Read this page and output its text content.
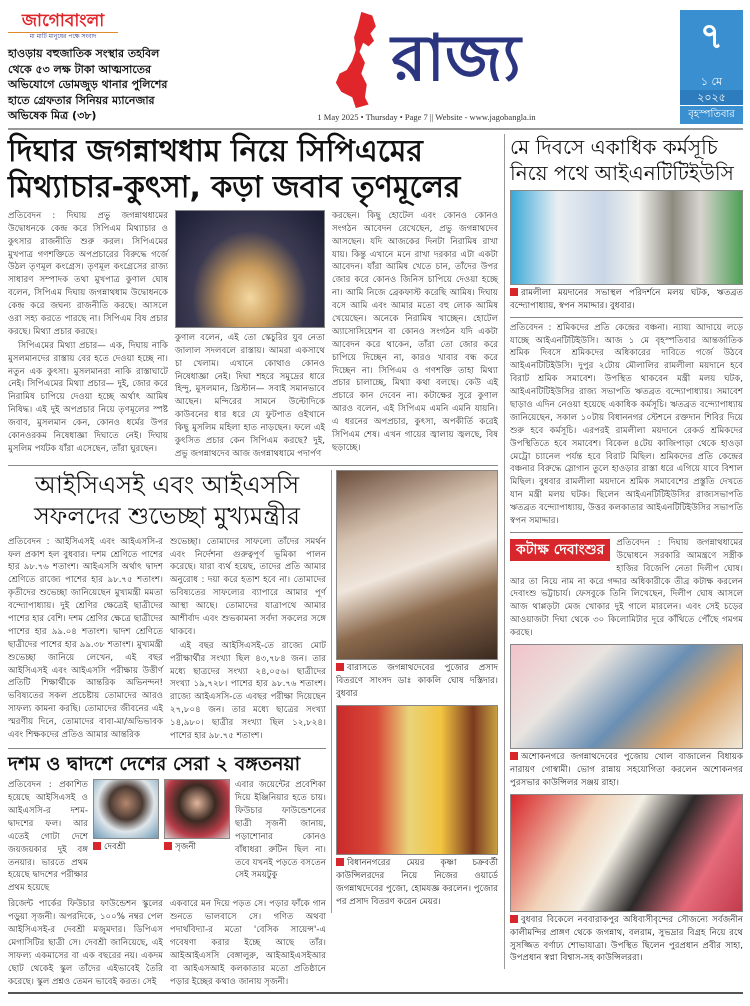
জাগোবাংলা
মা মাটি মানুষের পক্ষে সংবাদ
হাওড়ায় বহুজাতিক সংস্থার তহবিল থেকে ৫৩ লক্ষ টাকা আত্মসাতের অভিযোগে ডোমজুড় থানার পুলিশের হাতে গ্রেফতার সিনিয়র ম্যানেজার অভিষেক মিত্র (৩৮)
রাজ্য
1 May 2025 • Thursday • Page 7 || Website - www.jagobangla.in
৭
১ মে
২০২৫
বৃহস্পতিবার
দিঘার জগন্নাথধাম নিয়ে সিপিএমের মিথ্যাচার-কুৎসা, কড়া জবাব তৃণমূলের

প্রতিবেদন : দিঘায় প্রভু জগন্নাথধামের উদ্বোধনকে কেন্দ্র করে সিপিএম মিথ্যাচার ও কুৎসার রাজনীতি শুরু করল। সিপিএমের মুখপাত্র গণশক্তিতে অপপ্রচারের বিরুদ্ধে গর্জে উঠল তৃণমূল কংগ্রেস। তৃণমূল কংগ্রেসের রাজ্য সাধারণ সম্পাদক তথা মুখপাত্র কুণাল ঘোষ বলেন, সিপিএম দিঘায় জগন্নাথধাম উদ্বোধনকে কেন্দ্র করে জঘন্য রাজনীতি করছে। আসলে ওরা সহ্য করতে পারছে না। সিপিএম বিষ প্রচার করছে। মিথ্যা প্রচার করছে।

সিপিএমের মিথ্যা প্রচার— এক, দিঘায় নাকি মুসলমানদের রাস্তায় বের হতে দেওয়া হচ্ছে না। নতুন এক কুৎসা। মুসলমানরা নাকি রাস্তাঘাটে নেই। সিপিএমের মিথ্যা প্রচার— দুই, জোর করে নিরামিষ চাপিয়ে দেওয়া হচ্ছে অর্থাৎ আমিষ নিষিদ্ধ। এই দুই অপপ্রচার নিয়ে তৃণমূলের স্পষ্ট জবাব, মুসলমান কেন, কোনও ধর্মের উপর কোনওরকম নিষেধাজ্ঞা দিঘাতে নেই। দিঘায় মুসলিম পর্যটক যাঁরা এসেছেন, তাঁরা ঘুরছেন।

কুণাল বলেন, এই তো স্কেচুরির যুব নেতা জালাল সদলবলে রাস্তায়। আমরা একসাথে চা খেলাম। এখানে কোথাও কোনও নিষেধাজ্ঞা নেই। দিঘা শহরে সমুদ্রের ধারে হিন্দু, মুসলমান, খ্রিস্টান— সবাই সমানভাবে আছেন। মন্দিরের সামনে উল্টোদিকে কাউবনের ধার ধরে যে ফুটপাত ওইখানে কিছু মুসলিম মহিলা হাত নাড়ছেন। ফলে এই কুৎসিত প্রচার কেন সিপিএম করছে? দুই, প্রভু জগন্নাথদেব আজ জগন্নাথধামে পদার্পণ
করছেন। কিছু হোটেল এবং কোনও কোনও সংগঠন আবেদন রেখেছেন, প্রভু জগন্নাথদেব আসছেন। যদি আজকের দিনটা নিরামিষ রাখা যায়। কিন্তু এখানে মনে রাখা দরকার এটা একটা আবেদন। যাঁরা আমিষ খেতে চান, তাঁদের উপর জোর করে কোনও জিনিস চাপিয়ে দেওয়া হচ্ছে না। আমি নিজে ব্রেকফাস্ট করেছি আমিষ। দিঘায় বসে আমি এবং আমার মতো বহু লোক আমিষ খেয়েছেন। অনেকে নিরামিষ খাচ্ছেন। হোটেল অ্যাসোসিয়েশন বা কোনও সংগঠন যদি একটা আবেদন করে থাকেন, তাঁরা তো জোর করে চাপিয়ে দিচ্ছেন না, কারও খাবার বন্ধ করে দিচ্ছেন না। সিপিএম ও গণশক্তি তাহা মিথ্যা প্রচার চালাচ্ছে, মিথ্যা কথা বলছে। কেউ এই প্রচারে কান দেবেন না। কটাক্ষের সুরে কুণাল আরও বলেন, এই সিপিএম এমনি এমনি যায়নি। এ ধরনের অপপ্রচার, কুৎসা, অপকীর্তি করেই সিপিএম শেষ। এখন গায়ের জ্বালায় জ্বলছে, বিষ ছড়াচ্ছে।
আইসিএসই এবং আইএসসি সফলদের শুভেচ্ছা মুখ্যমন্ত্রীর
প্রতিবেদন : আইসিএসই এবং আইএসসি-র ফল প্রকাশ হল বুধবার। দশম শ্রেণিতে পাশের হার ৯৮.৭৬ শতাংশ। আইএসসি অর্থাৎ দ্বাদশ শ্রেণিতে রাজ্যে পাশের হার ৯৮.৭৫ শতাংশ। কৃতীদের শুভেচ্ছা জানিয়েছেন মুখ্যমন্ত্রী মমতা বন্দ্যোপাধ্যায়। দুই শ্রেণির ক্ষেত্রেই ছাত্রীদের পাশের হার বেশি। দশম শ্রেণির ক্ষেত্রে ছাত্রীদের পাশের হার ৯৯.০৪ শতাংশ। দ্বাদশ শ্রেণিতে ছাত্রীদের পাশের হার ৯৯.৩৮ শতাংশ। মুখ্যমন্ত্রী শুভেচ্ছা জানিয়ে লেখেন, এই বছর আইসিএসই এবং আইএসসি পরীক্ষায় উত্তীর্ণ প্রতিটি শিক্ষার্থীকে আন্তরিক অভিনন্দন! ভবিষ্যতের সকল প্রচেষ্টায় তোমাদের আরও সাফল্য কামনা করছি। তোমাদের জীবনের এই স্মরণীয় দিনে, তোমাদের বাবা-মা/অভিভাবক এবং শিক্ষকদের প্রতিও আমার আন্তরিক

শুভেচ্ছা। তোমাদের সাফল্যে তাঁদের সমর্থন এবং নির্দেশনা গুরুত্বপূর্ণ ভূমিকা পালন করেছে। যারা ব্যর্থ হয়েছ, তাদের প্রতি আমার অনুরোধ : দয়া করে হতাশ হবে না। তোমাদের ভবিষ্যতের সাফল্যের ব্যাপারে আমার পূর্ণ আস্থা আছে। তোমাদের যাত্রাপথে আমার আশীর্বাদ এবং শুভকামনা সর্বদা সকলের সঙ্গে থাকবে।

এই বছর আইসিএসই-তে রাজ্যে মোট পরীক্ষার্থীর সংখ্যা ছিল ৪৩,৭৮৪ জন। তার মধ্যে ছাত্রদের সংখ্যা ২৪,০৫৬। ছাত্রীদের সংখ্যা ১৯,৭২৮। পাশের হার ৯৮.৭৬ শতাংশ। রাজ্যে আইএসসি-তে এবছর পরীক্ষা দিয়েছেন ২৭,৮০৪ জন। তার মধ্যে ছাত্রের সংখ্যা ১৪,৯৮০। ছাত্রীর সংখ্যা ছিল ১২,৮২৪। পাশের হার ৯৮.৭৫ শতাংশ।

দশম ও দ্বাদশে দেশের সেরা ২ বঙ্গতনয়া
প্রতিবেদন : প্রকাশিত হয়েছে আইসিএসই ও আইএসসি-র দশম-দ্বাদশের ফল। আর এতেই গোটা দেশে জয়জয়কার দুই বঙ্গ তনয়ার। ভারতে প্রথম হয়েছে দ্বাদশের পরীক্ষার প্রথম হয়েছে
দেবশ্রী	সৃজনী
এবার জয়েন্টের প্রবেশিকা দিয়ে ইঞ্জিনিয়ার হতে চায়। ফিউচার ফাউন্ডেশনের ছাত্রী সৃজনী জানায়, পড়াশোনার কোনও বাঁধাধরা রুটিন ছিল না। তবে যখনই পড়তে বসতেন সেই সময়টুকু
রিজেন্ট পার্কের ফিউচার ফাউন্ডেশন স্কুলের পড়ুয়া সৃজনী। অপরদিকে, ১০০% নম্বর পেল আইসিএসই-র দেবশ্রী মজুমদার। ডিপিএস মেগাসিটির ছাত্রী সে। দেবশ্রী জানিয়েছে, এই সাফল্য একমাসের বা এক বছরের নয়। একদম ছোট থেকেই স্কুল তাঁদের এইভাবেই তৈরি করেছে। স্কুল প্রশ্নও তেমন ভাবেই করত। সেই
একবারে মন দিয়ে পড়ত সে। পড়ার ফাঁকে গান শুনতে ভালবাসে সে। গণিত অথবা পদার্থবিদ্যা-র মতো 'বেসিক সায়েন্স'-এ গবেষণা করার ইচ্ছে আছে তাঁর। আইআইএসসি বেঙ্গালুরু, আইআইএসইআর বা আইএসআই কলকাতার মতো প্রতিষ্ঠানে পড়ার ইচ্ছের কথাও জানায় সৃজনী।
বারাসতে জগন্নাথদেবের পুজোর প্রসাদ বিতরণে সাংসদ ডাঃ কাকলি ঘোষ দস্তিদার। বুধবার
বিধাননগরের মেয়র কৃষ্ণা চক্রবর্তী কাউন্সিলরদের নিয়ে নিজের ওয়ার্ডে জগন্নাথদেবের পুজো, হোমযজ্ঞ করলেন। পুজোর পর প্রসাদ বিতরণ করেন মেয়র।
মে দিবসে একাধিক কর্মসূচি নিয়ে পথে আইএনটিটিইউসি
রামলীলা ময়দানের সভাস্থল পরিদর্শনে মলয় ঘটক, ঋতব্রত বন্দ্যোপাধ্যায়, স্বপন সমাদ্দার। বুধবার।
প্রতিবেদন : শ্রমিকদের প্রতি কেন্দ্রের বঞ্চনা। ন্যায্য আদায়ে লড়ে যাচ্ছে আইএনটিটিইউসি। আজ ১ মে বৃহস্পতিবার আন্তর্জাতিক শ্রমিক দিবসে শ্রমিকদের অধিকারের দাবিতে গর্জে উঠবে আইএনটিটিইউসি। দুপুর ২টোয় মৌলালির রামলীলা ময়দানে হবে বিরাট শ্রমিক সমাবেশ। উপস্থিত থাকবেন মন্ত্রী মলয় ঘটক, আইএনটিটিইউসির রাজ্য সভাপতি ঋতব্রত বন্দ্যোপাধ্যায়। সমাবেশ ছাড়াও এদিন নেওয়া হয়েছে একাধিক কর্মসূচি। ঋতব্রত বন্দ্যোপাধ্যায় জানিয়েছেন, সকাল ১০টায় বিধাননগর স্টেশনে রক্তদান শিবির দিয়ে শুরু হবে কর্মসূচি। এরপরই রামলীলা ময়দানে রেকর্ড শ্রমিকদের উপস্থিতিতে হবে সমাবেশ। বিকেল ৪টেয় কাজিপাড়া থেকে হাওড়া মেট্রো চ্যানেল পর্যন্ত হবে বিরাট মিছিল। শ্রমিকদের প্রতি কেন্দ্রের বঞ্চনার বিরুদ্ধে স্লোগান তুলে হাওড়ার রাস্তা ধরে এগিয়ে যাবে বিশাল মিছিল। বুধবার রামলীলা ময়দানে শ্রমিক সমাবেশের প্রস্তুতি দেখতে যান মন্ত্রী মলয় ঘটক। ছিলেন আইএনটিটিইউসির রাজ্যসভাপতি ঋতব্রত বন্দ্যোপাধ্যায়, উত্তর কলকাতার আইএনটিটিইউসির সভাপতি স্বপন সমাদ্দার।
কটাক্ষ দেবাংশুর	প্রতিবেদন : দিঘায় জগন্নাথধামের উদ্বোধনে সরকারি আমন্ত্রণে সস্ত্রীক হাজির বিজেপি নেতা দিলীপ ঘোষ। আর তা নিয়ে নাম না করে গদ্দার অধিকারীকে তীব্র কটাক্ষ করলেন দেবাংশু ভট্টাচার্য। ফেসবুকে তিনি লিখেছেন, দিলীপ ঘোষ আসলে আজ থাপ্পড়টা মেজ খোকার দুই গালে মারলেন। এবং সেই চড়ের আওয়াজটা দিঘা থেকে ৩০ কিলোমিটার দূরে কাঁথিতে পৌঁছে গমগম করছে।
অশোকনগরে জগন্নাথদেবের পুজোয় খোল বাজালেন বিধায়ক নারায়ণ গোস্বামী। ভোগ রান্নায় সহযোগিতা করলেন অশোকনগর পুরসভার কাউন্সিলর সঞ্জয় রাহা।
বুধবার বিকেলে নববারাকপুর অধিবাসীবৃন্দের সৌজন্যে সর্বজনীন কালীমন্দির প্রাঙ্গণ থেকে জগন্নাথ, বলরাম, সুভদ্রার বিগ্রহ নিয়ে রথে সুসজ্জিত বর্ণাঢ্য শোভাযাত্রা। উপস্থিত ছিলেন পুরপ্রধান প্রবীর সাহা, উপপ্রধান স্বপ্না বিশ্বাস-সহ কাউন্সিলররা।
